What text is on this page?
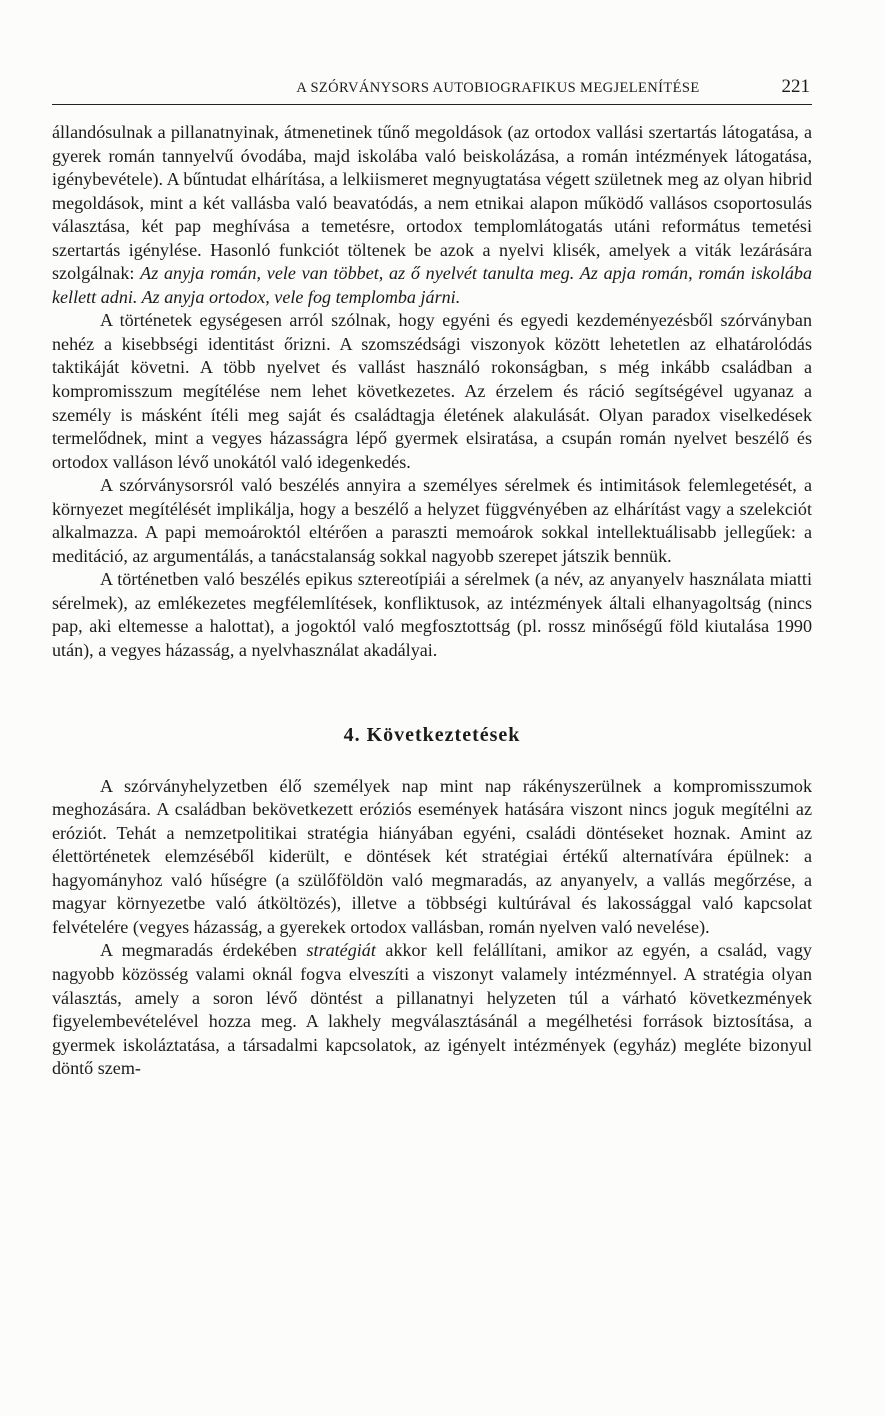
A SZÓRVÁNYSORS AUTOBIOGRAFIKUS MEGJELENÍTÉSE	221

állandósulnak a pillanatnyinak, átmenetinek tűnő megoldások (az ortodox vallási szertartás látogatása, a gyerek román tannyelvű óvodába, majd iskolába való beiskolázása, a román intézmények látogatása, igénybevétele). A bűntudat elhárítása, a lelkiismeret megnyugtatása végett születnek meg az olyan hibrid megoldások, mint a két vallásba való beavatódás, a nem etnikai alapon működő vallásos csoportosulás választása, két pap meghívása a temetésre, ortodox templomlátogatás utáni református temetési szertartás igénylése. Hasonló funkciót töltenek be azok a nyelvi klisék, amelyek a viták lezárására szolgálnak: Az anyja román, vele van többet, az ő nyelvét tanulta meg. Az apja román, román iskolába kellett adni. Az anyja ortodox, vele fog templomba járni.

A történetek egységesen arról szólnak, hogy egyéni és egyedi kezdeményezésből szórványban nehéz a kisebbségi identitást őrizni. A szomszédsági viszonyok között lehetetlen az elhatárolódás taktikáját követni. A több nyelvet és vallást használó rokonságban, s még inkább családban a kompromisszum megítélése nem lehet következetes. Az érzelem és ráció segítségével ugyanaz a személy is másként ítéli meg saját és családtagja életének alakulását. Olyan paradox viselkedések termelődnek, mint a vegyes házasságra lépő gyermek elsiratása, a csupán román nyelvet beszélő és ortodox valláson lévő unokától való idegenkedés.

A szórványsorsról való beszélés annyira a személyes sérelmek és intimitások felemlegetését, a környezet megítélését implikálja, hogy a beszélő a helyzet függvényében az elhárítást vagy a szelekciót alkalmazza. A papi memoároktól eltérően a paraszti memoárok sokkal intellektuálisabb jellegűek: a meditáció, az argumentálás, a tanácstalanság sokkal nagyobb szerepet játszik bennük.

A történetben való beszélés epikus sztereotípiái a sérelmek (a név, az anyanyelv használata miatti sérelmek), az emlékezetes megfélemlítések, konfliktusok, az intézmények általi elhanyagoltság (nincs pap, aki eltemesse a halottat), a jogoktól való megfosztottság (pl. rossz minőségű föld kiutalása 1990 után), a vegyes házasság, a nyelvhasználat akadályai.

4. Következtetések

A szórványhelyzetben élő személyek nap mint nap rákényszerülnek a kompromisszumok meghozására. A családban bekövetkezett eróziós események hatására viszont nincs joguk megítélni az eróziót. Tehát a nemzetpolitikai stratégia hiányában egyéni, családi döntéseket hoznak. Amint az élettörténetek elemzéséből kiderült, e döntések két stratégiai értékű alternatívára épülnek: a hagyományhoz való hűségre (a szülőföldön való megmaradás, az anyanyelv, a vallás megőrzése, a magyar környezetbe való átköltözés), illetve a többségi kultúrával és lakossággal való kapcsolat felvételére (vegyes házasság, a gyerekek ortodox vallásban, román nyelven való nevelése).

A megmaradás érdekében stratégiát akkor kell felállítani, amikor az egyén, a család, vagy nagyobb közösség valami oknál fogva elveszíti a viszonyt valamely intézménnyel. A stratégia olyan választás, amely a soron lévő döntést a pillanatnyi helyzeten túl a várható következmények figyelembevételével hozza meg. A lakhely megválasztásánál a megélhetési források biztosítása, a gyermek iskoláztatása, a társadalmi kapcsolatok, az igényelt intézmények (egyház) megléte bizonyul döntő szem-
